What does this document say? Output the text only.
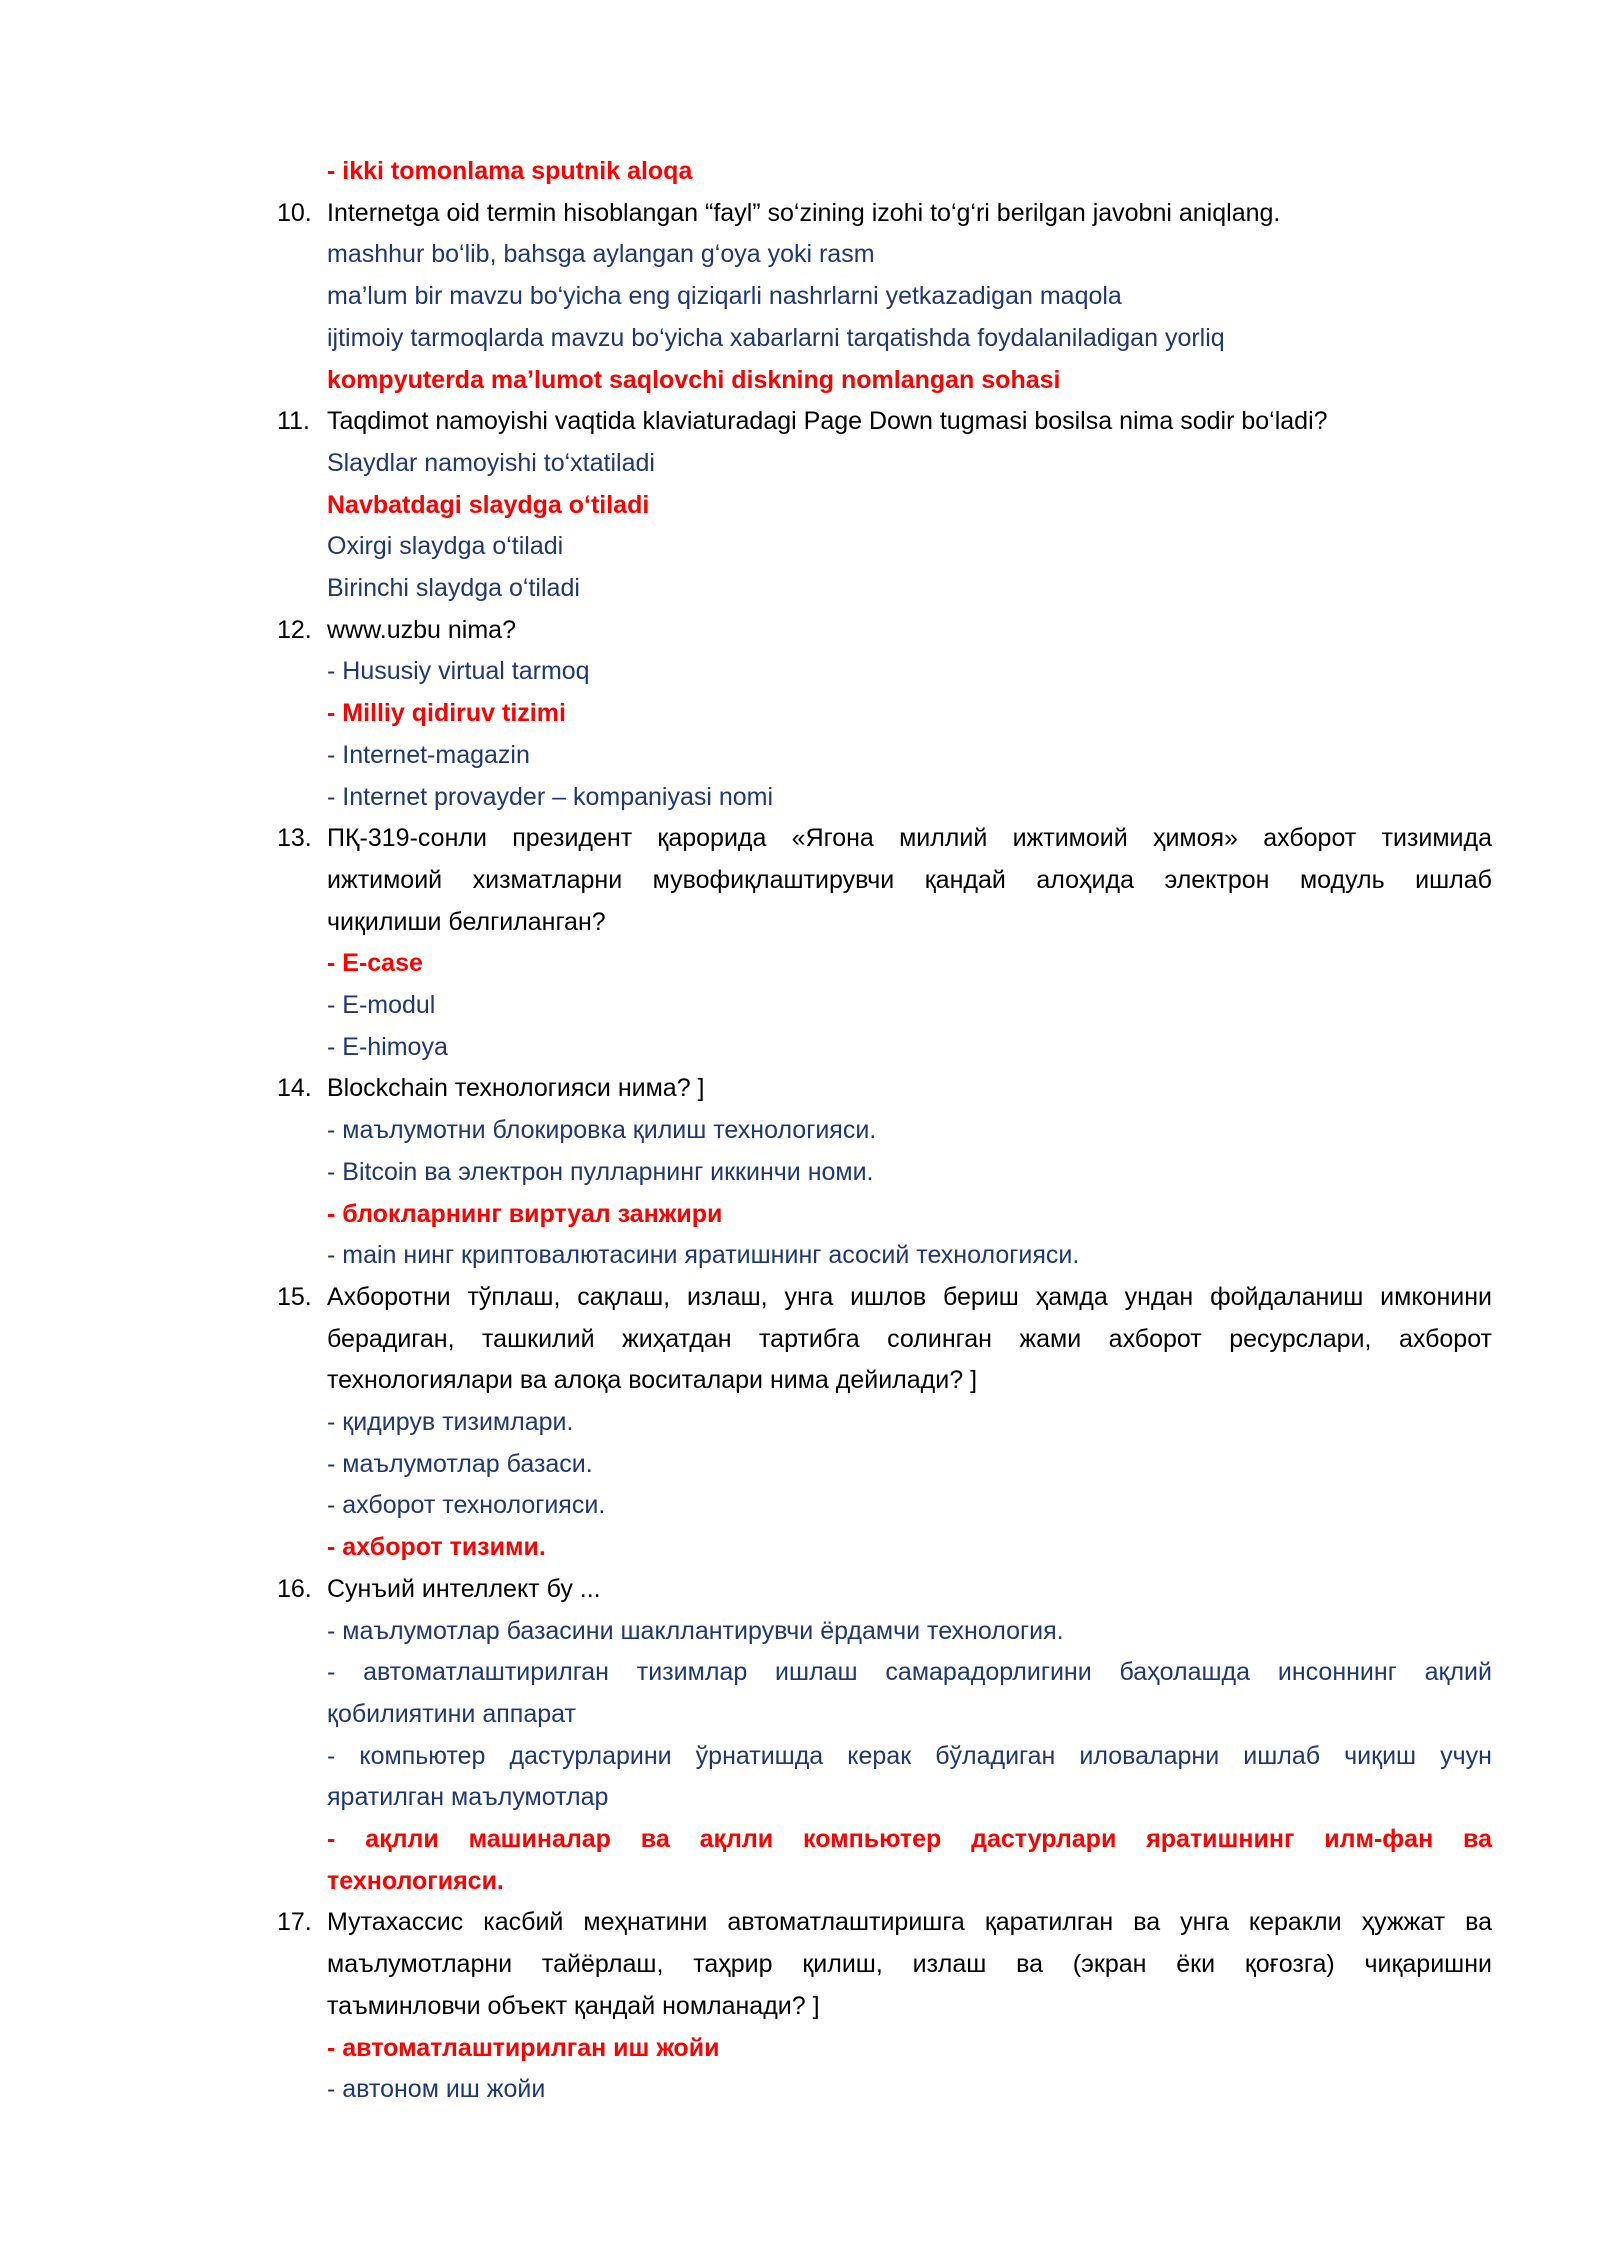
- ikki tomonlama sputnik aloqa
10. Internetga oid termin hisoblangan “fayl” so‘zining izohi to‘g‘ri berilgan javobni aniqlang.
mashhur bo‘lib, bahsga aylangan g‘oya yoki rasm
ma’lum bir mavzu bo‘yicha eng qiziqarli nashrlarni yetkazadigan maqola
ijtimoiy tarmoqlarda mavzu bo‘yicha xabarlarni tarqatishda foydalaniladigan yorliq
kompyuterda ma’lumot saqlovchi diskning nomlangan sohasi
11. Taqdimot namoyishi vaqtida klaviaturadagi Page Down tugmasi bosilsa nima sodir bo‘ladi?
Slaydlar namoyishi to‘xtatiladi
Navbatdagi slaydga o‘tiladi
Oxirgi slaydga o‘tiladi
Birinchi slaydga o‘tiladi
12. www.uzbu nima?
- Hususiy virtual tarmoq
- Milliy qidiruv tizimi
- Internet-magazin
- Internet provayder – kompaniyasi nomi
13. ПҚ-319-сонли президент қарорида «Ягона миллий ижтимоий ҳимоя» ахборот тизимида
ижтимоий хизматларни мувофиқлаштирувчи қандай алоҳида электрон модуль ишлаб
чиқилиши белгиланган?
- E-case
- E-modul
- E-himoya
14. Blockchain технологияси нима? ]
- маълумотни блокировка қилиш технологияси.
- Bitcoin ва электрон пулларнинг иккинчи номи.
- блокларнинг виртуал занжири
- main нинг криптовалютасини яратишнинг асосий технологияси.
15. Ахборотни тўплаш, сақлаш, излаш, унга ишлов бериш ҳамда ундан фойдаланиш имконини
берадиган, ташкилий жиҳатдан тартибга солинган жами ахборот ресурслари, ахборот
технологиялари ва алоқа воситалари нима дейилади? ]
- қидирув тизимлари.
- маълумотлар базаси.
- ахборот технологияси.
- ахборот тизими.
16. Сунъий интеллект бу ...
- маълумотлар базасини шакллантирувчи ёрдамчи технология.
- автоматлаштирилган тизимлар ишлаш самарадорлигини баҳолашда инсоннинг ақлий
қобилиятини аппарат
- компьютер дастурларини ўрнатишда керак бўладиган иловаларни ишлаб чиқиш учун
яратилган маълумотлар
- ақлли машиналар ва ақлли компьютер дастурлари яратишнинг илм-фан ва
технологияси.
17. Мутахассис касбий меҳнатини автоматлаштиришга қаратилган ва унга керакли ҳужжат ва
маълумотларни тайёрлаш, таҳрир қилиш, излаш ва (экран ёки қоғозга) чиқаришни
таъминловчи объект қандай номланади? ]
- автоматлаштирилган иш жойи
- автоном иш жойи
